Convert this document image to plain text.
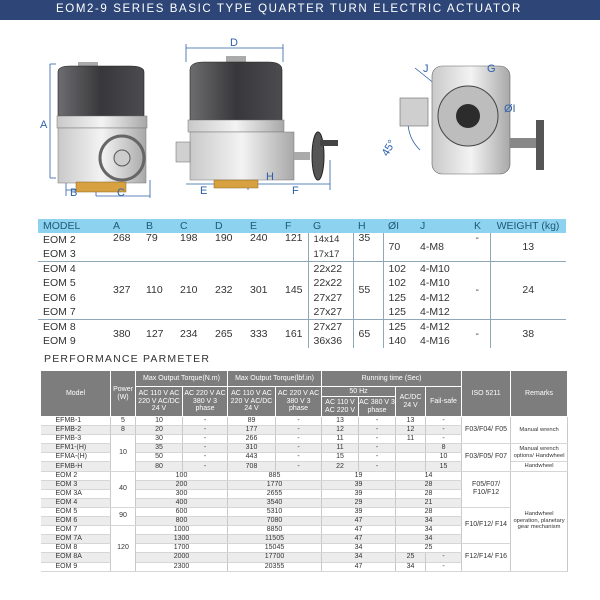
EOM2-9 SERIES BASIC TYPE QUARTER TURN ELECTRIC ACTUATOR
A
B	C
D
E	F
H
J	G
ØI
45°
MODEL	A	B	C	D	E	F	G	H	ØI	J	K	WEIGHT (kg)
EOM 2	268	79	198	190	240	121	14x14	35	70	4-M8	-	13
EOM 3							17x17					
EOM 4	327	110	210	232	301	145	22x22	55	102	4-M10	-	24
EOM 5							22x22		102	4-M10		
EOM 6							27x27		125	4-M12		
EOM 7							27x27		125	4-M12		
EOM 8	380	127	234	265	333	161	27x27	65	125	4-M12	-	38
EOM 9							36x36		140	4-M16		
PERFORMANCE PARMETER
Model	Power (W)	Max Output Torque(N.m)		Max Output Torque(lbf.in)		Running time (Sec)				ISO 5211	Remarks
		AC 110 V AC 220 V AC/DC 24 V	AC 220 V AC 380 V 3 phase	AC 110 V AC 220 V AC/DC 24 V	AC 220 V AC 380 V 3 phase	50 Hz		AC/DC 24 V	Fail-safe		
						AC 110 V AC 220 V	AC 380 V 3 phase				
EFMB-1	5	10	-	89	-	13	-	13	-	F03/F04/ F05	Manual wrench
EFMB-2	8	20	-	177	-	12	-	12	-		
EFMB-3	10	30	-	266	-	11	-	11	-		
EFM1-(H)		35	-	310	-	11	-		8	F03/F05/ F07	Manual wrench options/ Handwheel
EFMA-(H)		50	-	443	-	15	-		10		
EFMB-H		80	-	708	-	22	-		15		Handwheel
EOM 2	40	100		885		19		14		F05/F07/ F10/F12	Handwheel operation, planetary gear mechanism
EOM 3		200		1770		39		28			
EOM 3A		300		2655		39		28			
EOM 4		400		3540		29		21			
EOM 5	90	600		5310		39		28		F10/F12/ F14	
EOM 6		800		7080		47		34			
EOM 7	120	1000		8850		47		34			
EOM 7A		1300		11505		47		34			
EOM 8		1700		15045		34		25		F12/F14/ F16	
EOM 8A		2000		17700		34		25	-		
EOM 9		2300		20355		47		34	-		
